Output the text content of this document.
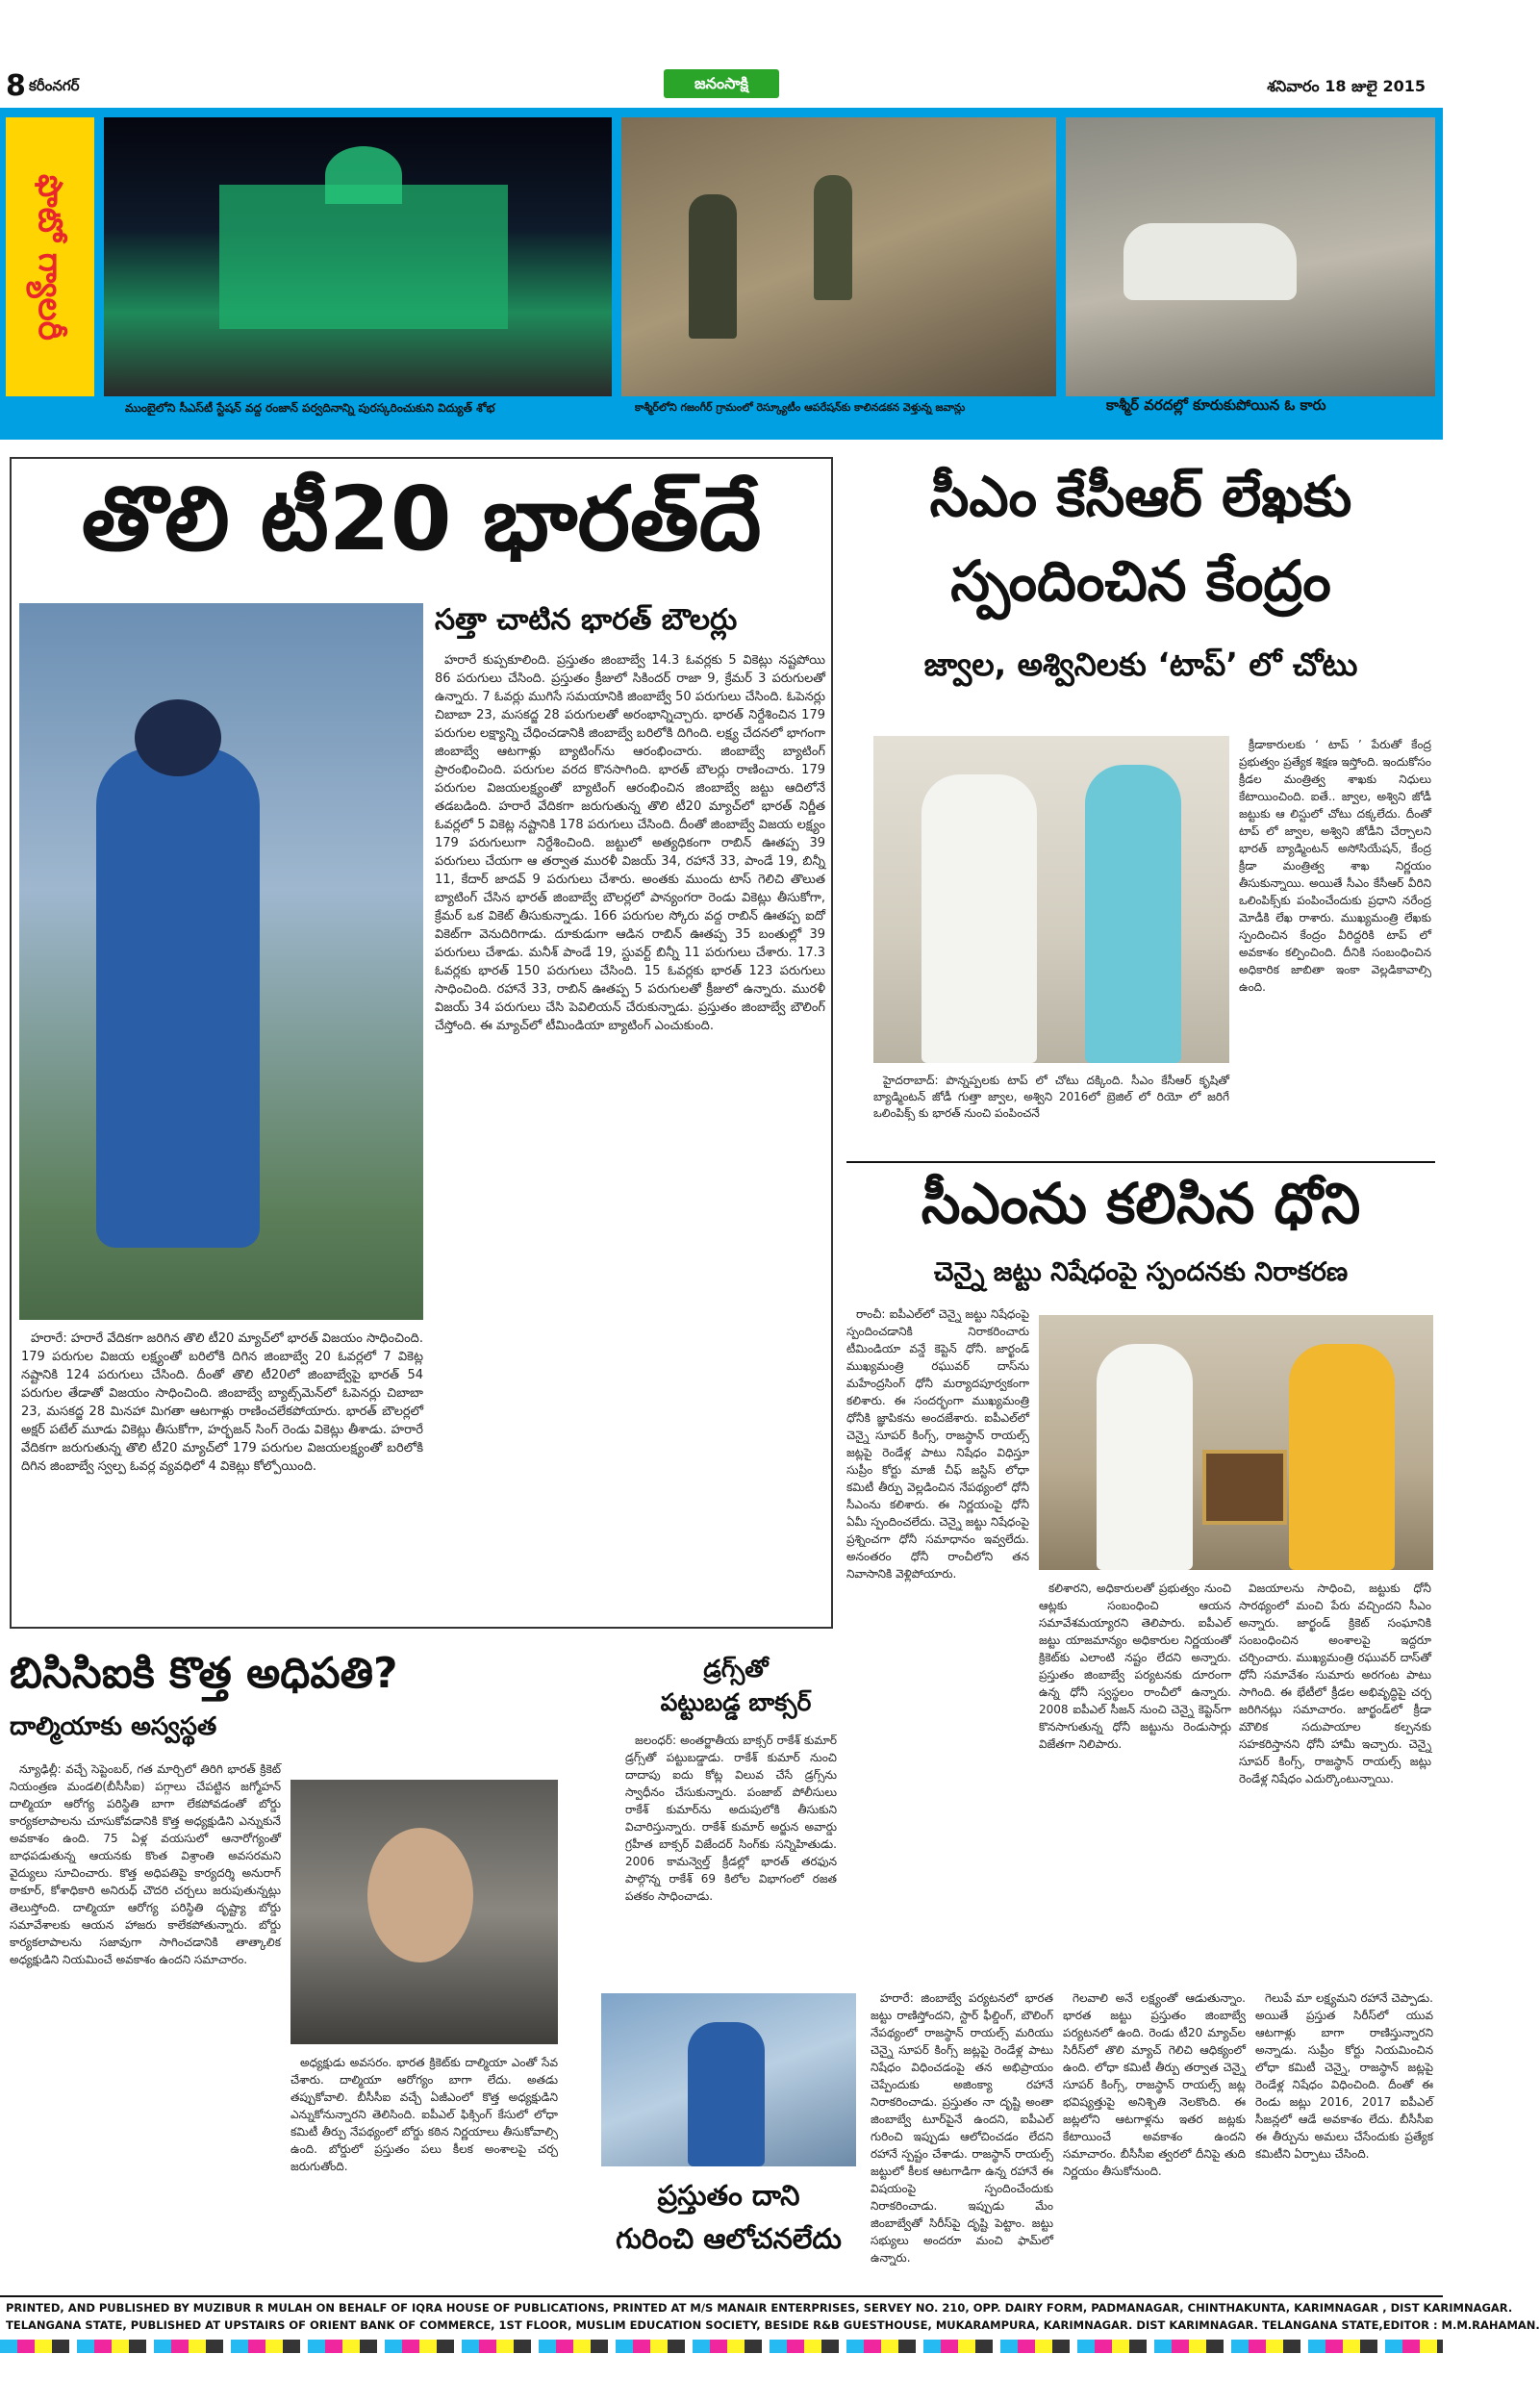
8 కరీంనగర్	జనంసాక్షి	శనివారం 18 జులై 2015
ఫొటో గ్యాలరీ
ముంబైలోని సీఎస్‌టీ స్టేషన్ వద్ద రంజాన్ పర్వదినాన్ని పురస్కరించుకుని విద్యుత్ శోభ	కాశ్మీర్‌లోని గజంగీర్ గ్రామంలో రెస్క్యూటీం ఆపరేషన్‌కు కాలినడకన వెళ్తున్న జవాన్లు	కాశ్మీర్ వరదల్లో కూరుకుపోయిన ఓ కారు
తొలి టీ20 భారత్‌దే
సత్తా చాటిన భారత్ బౌలర్లు

హరారే కుప్పకూలింది. ప్రస్తుతం జింబాబ్వే 14.3 ఓవర్లకు 5 వికెట్లు నష్టపోయి 86 పరుగులు చేసింది. ప్రస్తుతం క్రీజులో సికిందర్ రాజా 9, క్రేమర్ 3 పరుగులతో ఉన్నారు. 7 ఓవర్లు ముగిసే సమయానికి జింబాబ్వే 50 పరుగులు చేసింది. ఓపెనర్లు చిబాబా 23, మసకద్జ 28 పరుగులతో అరంభాన్నిచ్చారు. భారత్ నిర్దేశించిన 179 పరుగుల లక్ష్యాన్ని చేధించడానికి జింబాబ్వే బరిలోకి దిగింది. లక్ష్య చేదనలో భాగంగా జింబాబ్వే ఆటగాళ్లు బ్యాటింగ్‌ను ఆరంభించారు. జింబాబ్వే బ్యాటింగ్ ప్రారంభించింది. పరుగుల వరద కొనసాగింది. భారత్ బౌలర్లు రాణించారు. 179 పరుగుల విజయలక్ష్యంతో బ్యాటింగ్ ఆరంభించిన జింబాబ్వే జట్టు ఆదిలోనే తడబడింది. హరారే వేదికగా జరుగుతున్న తొలి టీ20 మ్యాచ్‌లో భారత్ నిర్ణీత ఓవర్లలో 5 వికెట్ల నష్టానికి 178 పరుగులు చేసింది. దీంతో జింబాబ్వే విజయ లక్ష్యం 179 పరుగులుగా నిర్దేశించింది. జట్టులో అత్యధికంగా రాబిన్ ఊతప్ప 39 పరుగులు చేయగా ఆ తర్వాత మురళీ విజయ్ 34, రహానే 33, పాండే 19, బిన్నీ 11, కేదార్ జాదవ్ 9 పరుగులు చేశారు. అంతకు ముందు టాస్ గెలిచి తొలుత బ్యాటింగ్ చేసిన భారత్ జింబాబ్వే బౌలర్లలో పాన్యంగరా రెండు వికెట్లు తీసుకోగా, క్రేమర్ ఒక వికెట్ తీసుకున్నాడు. 166 పరుగుల స్కోరు వద్ద రాబిన్ ఊతప్ప ఐదో వికెట్‌గా వెనుదిరిగాడు. దూకుడుగా ఆడిన రాబిన్ ఊతప్ప 35 బంతుల్లో 39 పరుగులు చేశాడు. మనీశ్ పాండే 19, స్టువర్ట్ బిన్నీ 11 పరుగులు చేశారు. 17.3 ఓవర్లకు భారత్ 150 పరుగులు చేసింది. 15 ఓవర్లకు భారత్ 123 పరుగులు సాధించింది. రహానే 33, రాబిన్ ఊతప్ప 5 పరుగులతో క్రీజులో ఉన్నారు. మురళీ విజయ్ 34 పరుగులు చేసి పెవిలియన్ చేరుకున్నాడు. ప్రస్తుతం జింబాబ్వే బౌలింగ్ చేస్తోంది. ఈ మ్యాచ్‌లో టీమిండియా బ్యాటింగ్ ఎంచుకుంది.

హరారే: హరారే వేదికగా జరిగిన తొలి టీ20 మ్యాచ్‌లో భారత్ విజయం సాధించింది. 179 పరుగుల విజయ లక్ష్యంతో బరిలోకి దిగిన జింబాబ్వే 20 ఓవర్లలో 7 వికెట్ల నష్టానికి 124 పరుగులు చేసింది. దీంతో తొలి టీ20లో జింబాబ్వేపై భారత్ 54 పరుగుల తేడాతో విజయం సాధించింది. జింబాబ్వే బ్యాట్స్‌మెన్‌లో ఓపెనర్లు చిబాబా 23, మసకద్జ 28 మినహా మిగతా ఆటగాళ్లు రాణించలేకపోయారు. భారత్ బౌలర్లలో అక్షర్ పటేల్ మూడు వికెట్లు తీసుకోగా, హర్భజన్ సింగ్ రెండు వికెట్లు తీశాడు. హరారే వేదికగా జరుగుతున్న తొలి టీ20 మ్యాచ్‌లో 179 పరుగుల విజయలక్ష్యంతో బరిలోకి దిగిన జింబాబ్వే స్వల్ప ఓవర్ల వ్యవధిలో 4 వికెట్లు కోల్పోయింది.

సీఎం కేసీఆర్ లేఖకు
స్పందించిన కేంద్రం
జ్వాల, అశ్వినిలకు ‘టాప్’ లో చోటు

క్రీడాకారులకు ‘ టాప్ ’ పేరుతో కేంద్ర ప్రభుత్వం ప్రత్యేక శిక్షణ ఇస్తోంది. ఇందుకోసం క్రీడల మంత్రిత్వ శాఖకు నిధులు కేటాయించింది. ఐతే.. జ్వాల, అశ్విని జోడీ జట్టుకు ఆ లిస్టులో చోటు దక్కలేదు. దీంతో టాప్ లో జ్వాల, అశ్విని జోడీని చేర్చాలని భారత్ బ్యాడ్మింటన్ అసోసియేషన్, కేంద్ర క్రీడా మంత్రిత్వ శాఖ నిర్ణయం తీసుకున్నాయి. అయితే సీఎం కేసీఆర్ వీరిని ఒలింపిక్స్‌కు పంపించేందుకు ప్రధాని నరేంద్ర మోడీకి లేఖ రాశారు. ముఖ్యమంత్రి లేఖకు స్పందించిన కేంద్రం వీరిద్దరికి టాప్ లో అవకాశం కల్పించింది. దీనికి సంబంధించిన అధికారిక జాబితా ఇంకా వెల్లడికావాల్సి ఉంది.

హైదరాబాద్: పొన్నప్పలకు టాప్ లో చోటు దక్కింది. సీఎం కేసీఆర్ కృషితో బ్యాడ్మింటన్ జోడీ గుత్తా జ్వాల, అశ్విని 2016లో బ్రెజిల్ లో రియో లో జరిగే ఒలింపిక్స్ కు భారత్ నుంచి పంపించనే

సీఎంను కలిసిన ధోని
చెన్నై జట్టు నిషేధంపై స్పందనకు నిరాకరణ

రాంచీ: ఐపీఎల్‌లో చెన్నై జట్టు నిషేధంపై స్పందించడానికి నిరాకరించారు టీమిండియా వన్డే కెప్టెన్ ధోనీ. జార్ఖండ్ ముఖ్యమంత్రి రఘువర్ దాస్‌ను మహేంద్రసింగ్ ధోనీ మర్యాదపూర్వకంగా కలిశారు. ఈ సందర్భంగా ముఖ్యమంత్రి ధోనీకి జ్ఞాపికను అందజేశారు. ఐపీఎల్‌లో చెన్నై సూపర్ కింగ్స్, రాజస్థాన్ రాయల్స్ జట్లపై రెండేళ్ల పాటు నిషేధం విధిస్తూ సుప్రీం కోర్టు మాజీ చీఫ్ జస్టిస్ లోధా కమిటీ తీర్పు వెల్లడించిన నేపథ్యంలో ధోనీ సీఎంను కలిశారు. ఈ నిర్ణయంపై ధోనీ ఏమీ స్పందించలేదు. చెన్నై జట్టు నిషేధంపై ప్రశ్నించగా ధోనీ సమాధానం ఇవ్వలేదు. అనంతరం ధోనీ రాంచీలోని తన నివాసానికి వెళ్లిపోయారు.

కలిశారని, అధికారులతో ప్రభుత్వం నుంచి ఆట్లకు సంబంధించి ఆయన సమావేశమయ్యారని తెలిపారు. ఐపీఎల్ జట్టు యాజమాన్యం అధికారుల నిర్ణయంతో క్రికెట్‌కు ఎలాంటి నష్టం లేదని అన్నారు. ప్రస్తుతం జింబాబ్వే పర్యటనకు దూరంగా ఉన్న ధోనీ స్వస్థలం రాంచీలో ఉన్నారు. 2008 ఐపీఎల్ సీజన్ నుంచి చెన్నై కెప్టెన్‌గా కొనసాగుతున్న ధోనీ జట్టును రెండుసార్లు విజేతగా నిలిపారు.

విజయాలను సాధించి, జట్టుకు ధోనీ సారథ్యంలో మంచి పేరు వచ్చిందని సీఎం అన్నారు. జార్ఖండ్ క్రికెట్ సంఘానికి సంబంధించిన అంశాలపై ఇద్దరూ చర్చించారు. ముఖ్యమంత్రి రఘువర్ దాస్‌తో ధోనీ సమావేశం సుమారు అరగంట పాటు సాగింది. ఈ భేటీలో క్రీడల అభివృద్ధిపై చర్చ జరిగినట్లు సమాచారం. జార్ఖండ్‌లో క్రీడా మౌలిక సదుపాయాల కల్పనకు సహకరిస్తానని ధోనీ హామీ ఇచ్చారు. చెన్నై సూపర్ కింగ్స్, రాజస్థాన్ రాయల్స్ జట్లు రెండేళ్ల నిషేధం ఎదుర్కొంటున్నాయి.

బిసిసిఐకి కొత్త అధిపతి?
దాల్మియాకు అస్వస్థత

న్యూఢిల్లీ: వచ్చే సెప్టెంబర్, గత మార్చిలో తిరిగి భారత్ క్రికెట్ నియంత్రణ మండలి(బీసీసీఐ) పగ్గాలు చేపట్టిన జగ్మోహన్ దాల్మియా ఆరోగ్య పరిస్థితి బాగా లేకపోవడంతో బోర్డు కార్యకలాపాలను చూసుకోవడానికి కొత్త అధ్యక్షుడిని ఎన్నుకునే అవకాశం ఉంది. 75 ఏళ్ల వయసులో ఆనారోగ్యంతో బాధపడుతున్న ఆయనకు కొంత విశ్రాంతి అవసరమని వైద్యులు సూచించారు. కొత్త అధిపతిపై కార్యదర్శి అనురాగ్ ఠాకూర్, కోశాధికారి అనిరుధ్ చౌదరి చర్చలు జరుపుతున్నట్లు తెలుస్తోంది. దాల్మియా ఆరోగ్య పరిస్థితి దృష్ట్యా బోర్డు సమావేశాలకు ఆయన హాజరు కాలేకపోతున్నారు. బోర్డు కార్యకలాపాలను సజావుగా సాగించడానికి తాత్కాలిక అధ్యక్షుడిని నియమించే అవకాశం ఉందని సమాచారం.

అధ్యక్షుడు అవసరం. భారత క్రికెట్‌కు దాల్మియా ఎంతో సేవ చేశారు. దాల్మియా ఆరోగ్యం బాగా లేదు. అతడు తప్పుకోవాలి. బీసీసీఐ వచ్చే ఏజీఎంలో కొత్త అధ్యక్షుడిని ఎన్నుకోనున్నారని తెలిసింది. ఐపీఎల్ ఫిక్సింగ్ కేసులో లోధా కమిటీ తీర్పు నేపథ్యంలో బోర్డు కఠిన నిర్ణయాలు తీసుకోవాల్సి ఉంది. బోర్డులో ప్రస్తుతం పలు కీలక అంశాలపై చర్చ జరుగుతోంది.

డ్రగ్స్‌తో
పట్టుబడ్డ బాక్సర్

జలంధర్: అంతర్జాతీయ బాక్సర్ రాకేశ్ కుమార్ డ్రగ్స్‌తో పట్టుబడ్డాడు. రాకేశ్ కుమార్ నుంచి దాదాపు ఐదు కోట్ల విలువ చేసే డ్రగ్స్‌ను స్వాధీనం చేసుకున్నారు. పంజాబ్ పోలీసులు రాకేశ్ కుమార్‌ను అదుపులోకి తీసుకుని విచారిస్తున్నారు. రాకేశ్ కుమార్ అర్జున అవార్డు గ్రహీత బాక్సర్ విజేందర్ సింగ్‌కు సన్నిహితుడు. 2006 కామన్వెల్త్ క్రీడల్లో భారత్ తరఫున పాల్గొన్న రాకేశ్ 69 కిలోల విభాగంలో రజత పతకం సాధించాడు.

ప్రస్తుతం దాని
గురించి ఆలోచనలేదు

హరారే: జింబాబ్వే పర్యటనలో భారత జట్టు రాణిస్తోందని, స్టార్ ఫీల్డింగ్, బౌలింగ్ నేపథ్యంలో రాజస్థాన్ రాయల్స్ మరియు చెన్నై సూపర్ కింగ్స్ జట్లపై రెండేళ్ల పాటు నిషేధం విధించడంపై తన అభిప్రాయం చెప్పేందుకు అజింక్యా రహానే నిరాకరించాడు. ప్రస్తుతం నా దృష్టి అంతా జింబాబ్వే టూర్‌పైనే ఉందని, ఐపీఎల్ గురించి ఇప్పుడు ఆలోచించడం లేదని రహానే స్పష్టం చేశాడు. రాజస్థాన్ రాయల్స్ జట్టులో కీలక ఆటగాడిగా ఉన్న రహానే ఈ విషయంపై స్పందించేందుకు నిరాకరించాడు. ఇప్పుడు మేం జింబాబ్వేతో సిరీస్‌పై దృష్టి పెట్టాం. జట్టు సభ్యులు అందరూ మంచి ఫామ్‌లో ఉన్నారు.

గెలవాలి అనే లక్ష్యంతో ఆడుతున్నాం. భారత జట్టు ప్రస్తుతం జింబాబ్వే పర్యటనలో ఉంది. రెండు టీ20 మ్యాచ్‌ల సిరీస్‌లో తొలి మ్యాచ్ గెలిచి ఆధిక్యంలో ఉంది. లోధా కమిటీ తీర్పు తర్వాత చెన్నై సూపర్ కింగ్స్, రాజస్థాన్ రాయల్స్ జట్ల భవిష్యత్తుపై అనిశ్చితి నెలకొంది. ఈ జట్లలోని ఆటగాళ్లను ఇతర జట్లకు కేటాయించే అవకాశం ఉందని సమాచారం. బీసీసీఐ త్వరలో దీనిపై తుది నిర్ణయం తీసుకోనుంది.

గెలుపే మా లక్ష్యమని రహానే చెప్పాడు. అయితే ప్రస్తుత సిరీస్‌లో యువ ఆటగాళ్లు బాగా రాణిస్తున్నారని అన్నాడు. సుప్రీం కోర్టు నియమించిన లోధా కమిటీ చెన్నై, రాజస్థాన్ జట్లపై రెండేళ్ల నిషేధం విధించింది. దీంతో ఈ రెండు జట్లు 2016, 2017 ఐపీఎల్ సీజన్లలో ఆడే అవకాశం లేదు. బీసీసీఐ ఈ తీర్పును అమలు చేసేందుకు ప్రత్యేక కమిటీని ఏర్పాటు చేసింది.

PRINTED, AND PUBLISHED BY MUZIBUR R MULAH ON BEHALF OF IQRA HOUSE OF PUBLICATIONS, PRINTED AT M/S MANAIR ENTERPRISES, SERVEY NO. 210, OPP. DAIRY FORM, PADMANAGAR, CHINTHAKUNTA, KARIMNAGAR , DIST KARIMNAGAR.
TELANGANA STATE, PUBLISHED AT UPSTAIRS OF ORIENT BANK OF COMMERCE, 1ST FLOOR, MUSLIM EDUCATION SOCIETY, BESIDE R&B GUESTHOUSE, MUKARAMPURA, KARIMNAGAR. DIST KARIMNAGAR. TELANGANA STATE,EDITOR : M.M.RAHAMAN.
